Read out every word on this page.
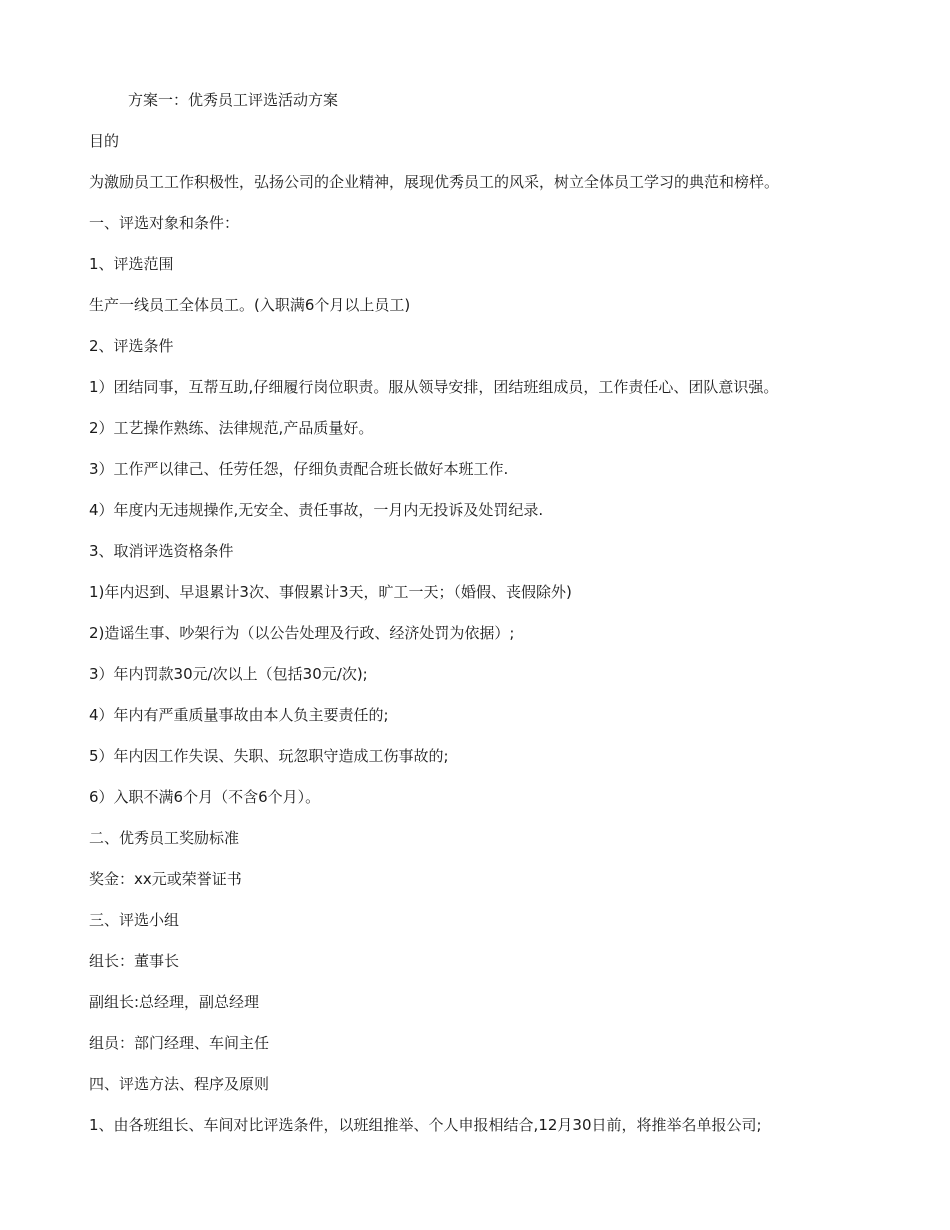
方案一：优秀员工评选活动方案
目的
为激励员工工作积极性，弘扬公司的企业精神，展现优秀员工的风采，树立全体员工学习的典范和榜样。
一、评选对象和条件：
1、评选范围
生产一线员工全体员工。(入职满6个月以上员工)
2、评选条件
1）团结同事，互帮互助,仔细履行岗位职责。服从领导安排，团结班组成员，工作责任心、团队意识强。
2）工艺操作熟练、法律规范,产品质量好。
3）工作严以律己、任劳任怨，仔细负责配合班长做好本班工作.
4）年度内无违规操作,无安全、责任事故，一月内无投诉及处罚纪录.
3、取消评选资格条件
1)年内迟到、早退累计3次、事假累计3天，旷工一天；（婚假、丧假除外)
2)造谣生事、吵架行为（以公告处理及行政、经济处罚为依据）;
3）年内罚款30元/次以上（包括30元/次);
4）年内有严重质量事故由本人负主要责任的;
5）年内因工作失误、失职、玩忽职守造成工伤事故的;
6）入职不满6个月（不含6个月）。
二、优秀员工奖励标准
奖金：xx元或荣誉证书
三、评选小组
组长：董事长
副组长:总经理，副总经理
组员：部门经理、车间主任
四、评选方法、程序及原则
1、由各班组长、车间对比评选条件，以班组推举、个人申报相结合,12月30日前，将推举名单报公司;
